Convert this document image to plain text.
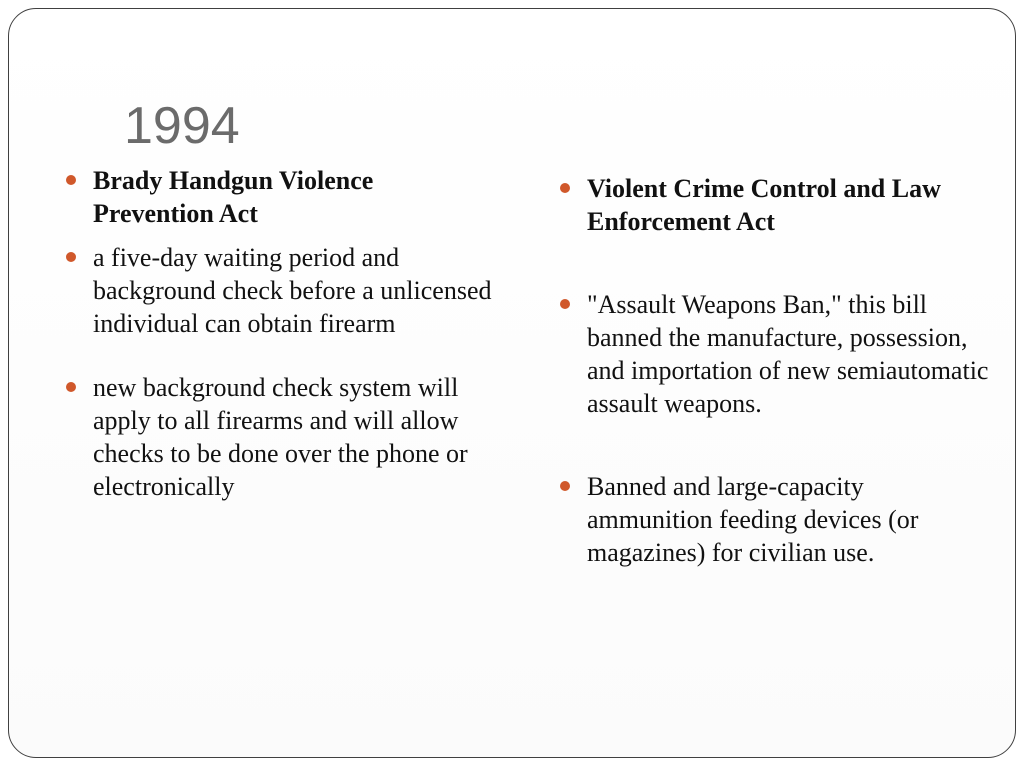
1994
Brady Handgun Violence Prevention Act
a five-day waiting period and background check before a unlicensed individual can obtain firearm
new background check system will apply to all firearms and will allow checks to be done over the phone or electronically
Violent Crime Control and Law Enforcement Act
"Assault Weapons Ban," this bill banned the manufacture, possession, and importation of new semiautomatic assault weapons.
Banned and large-capacity ammunition feeding devices (or magazines) for civilian use.
